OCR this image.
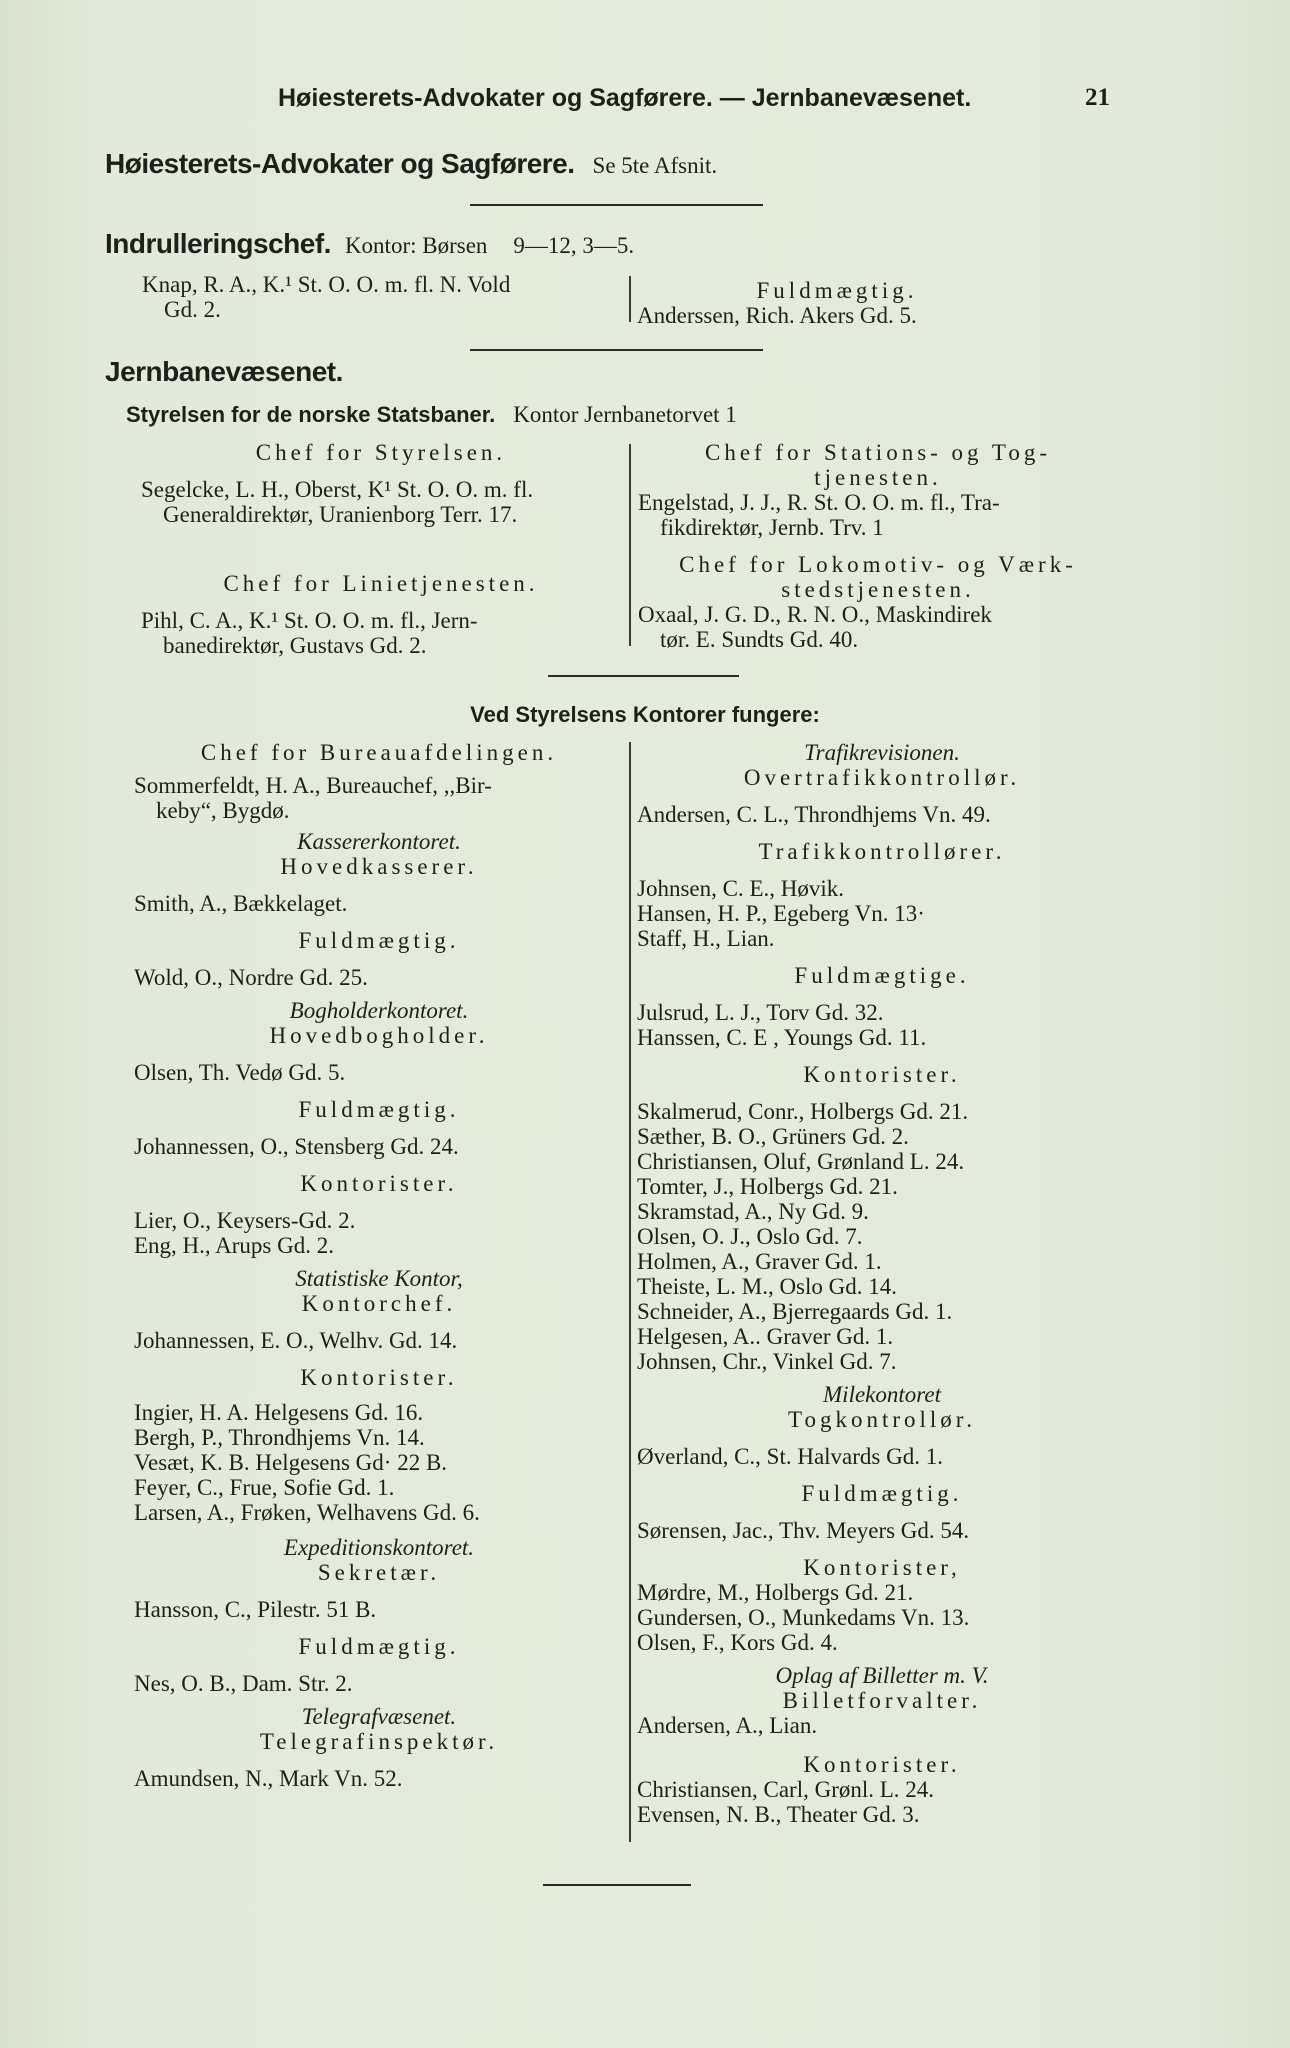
Høiesterets-Advokater og Sagførere. — Jernbanevæsenet.	21
Høiesterets-Advokater og Sagførere. Se 5te Afsnit.
Indrulleringschef. Kontor: Børsen 9—12, 3—5.

Knap, R. A., K.¹ St. O. O. m. fl. N. Vold

Gd. 2.

Fuldmægtig.

Anderssen, Rich. Akers Gd. 5.

Jernbanevæsenet.
Styrelsen for de norske Statsbaner. Kontor Jernbanetorvet 1

Chef for Styrelsen.

Segelcke, L. H., Oberst, K¹ St. O. O. m. fl.

Generaldirektør, Uranienborg Terr. 17.

Chef for Linietjenesten.

Pihl, C. A., K.¹ St. O. O. m. fl., Jern-

banedirektør, Gustavs Gd. 2.

Chef for Stations- og Tog-

tjenesten.

Engelstad, J. J., R. St. O. O. m. fl., Tra-

fikdirektør, Jernb. Trv. 1

Chef for Lokomotiv- og Værk-

stedstjenesten.

Oxaal, J. G. D., R. N. O., Maskindirek

tør. E. Sundts Gd. 40.

Ved Styrelsens Kontorer fungere:

Chef for Bureauafdelingen.

Sommerfeldt, H. A., Bureauchef, ,,Bir-

keby“, Bygdø.

Kassererkontoret.

Hovedkasserer.

Smith, A., Bækkelaget.

Fuldmægtig.

Wold, O., Nordre Gd. 25.

Bogholderkontoret.

Hovedbogholder.

Olsen, Th. Vedø Gd. 5.

Fuldmægtig.

Johannessen, O., Stensberg Gd. 24.

Kontorister.

Lier, O., Keysers-Gd. 2.

Eng, H., Arups Gd. 2.

Statistiske Kontor,

Kontorchef.

Johannessen, E. O., Welhv. Gd. 14.

Kontorister.

Ingier, H. A. Helgesens Gd. 16.

Bergh, P., Throndhjems Vn. 14.

Vesæt, K. B. Helgesens Gd· 22 B.

Feyer, C., Frue, Sofie Gd. 1.

Larsen, A., Frøken, Welhavens Gd. 6.

Expeditionskontoret.

Sekretær.

Hansson, C., Pilestr. 51 B.

Fuldmægtig.

Nes, O. B., Dam. Str. 2.

Telegrafvæsenet.

Telegrafinspektør.

Amundsen, N., Mark Vn. 52.

Trafikrevisionen.

Overtrafikkontrollør.

Andersen, C. L., Throndhjems Vn. 49.

Trafikkontrollører.

Johnsen, C. E., Høvik.

Hansen, H. P., Egeberg Vn. 13·

Staff, H., Lian.

Fuldmægtige.

Julsrud, L. J., Torv Gd. 32.

Hanssen, C. E , Youngs Gd. 11.

Kontorister.

Skalmerud, Conr., Holbergs Gd. 21.

Sæther, B. O., Grüners Gd. 2.

Christiansen, Oluf, Grønland L. 24.

Tomter, J., Holbergs Gd. 21.

Skramstad, A., Ny Gd. 9.

Olsen, O. J., Oslo Gd. 7.

Holmen, A., Graver Gd. 1.

Theiste, L. M., Oslo Gd. 14.

Schneider, A., Bjerregaards Gd. 1.

Helgesen, A.. Graver Gd. 1.

Johnsen, Chr., Vinkel Gd. 7.

Milekontoret

Togkontrollør.

Øverland, C., St. Halvards Gd. 1.

Fuldmægtig.

Sørensen, Jac., Thv. Meyers Gd. 54.

Kontorister,

Mørdre, M., Holbergs Gd. 21.

Gundersen, O., Munkedams Vn. 13.

Olsen, F., Kors Gd. 4.

Oplag af Billetter m. V.

Billetforvalter.

Andersen, A., Lian.

Kontorister.

Christiansen, Carl, Grønl. L. 24.

Evensen, N. B., Theater Gd. 3.
